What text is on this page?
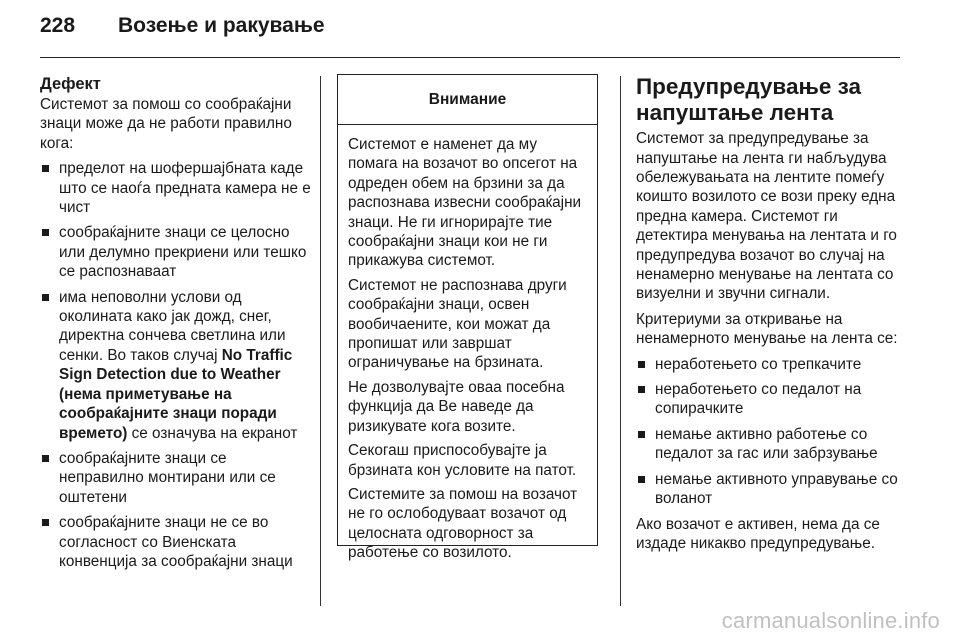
228 Возење и ракување
Дефект

Системот за помош со сообраќајни знаци може да не работи правилно кога:

пределот на шофершајбната каде што се наоѓа предната камера не е чист
сообраќајните знаци се целосно или делумно прекриени или тешко се распознаваат
има неповолни услови од околината како јак дожд, снег, директна сончева светлина или сенки. Во таков случај No Traffic Sign Detection due to Weather (нема приметување на сообраќајните знаци поради времето) се означува на екранот
сообраќајните знаци се неправилно монтирани или се оштетени
сообраќајните знаци не се во согласност со Виенската конвенција за сообраќајни знаци
Внимание

Системот е наменет да му помага на возачот во опсегот на одреден обем на брзини за да распознава извесни сообраќајни знаци. Не ги игнорирајте тие сообраќајни знаци кои не ги прикажува системот.

Системот не распознава други сообраќајни знаци, освен вообичаените, кои можат да пропишат или завршат ограничување на брзината.

Не дозволувајте оваа посебна функција да Ве наведе да ризикувате кога возите.

Секогаш приспособувајте ја брзината кон условите на патот.

Системите за помош на возачот не го ослободуваат возачот од целосната одговорност за работење со возилото.

Предупредување за напуштање лента

Системот за предупредување за напуштање на лента ги набљудува обележувањата на лентите помеѓу коишто возилото се вози преку една предна камера. Системот ги детектира менувања на лентата и го предупредува возачот во случај на ненамерно менување на лентата со визуелни и звучни сигнали.

Критериуми за откривање на ненамерното менување на лента се:

неработењето со трепкачите
неработењето со педалот на сопирачките
немање активно работење со педалот за гас или забрзување
немање активното управување со воланот

Ако возачот е активен, нема да се издаде никакво предупредување.

carmanualsonline.info
